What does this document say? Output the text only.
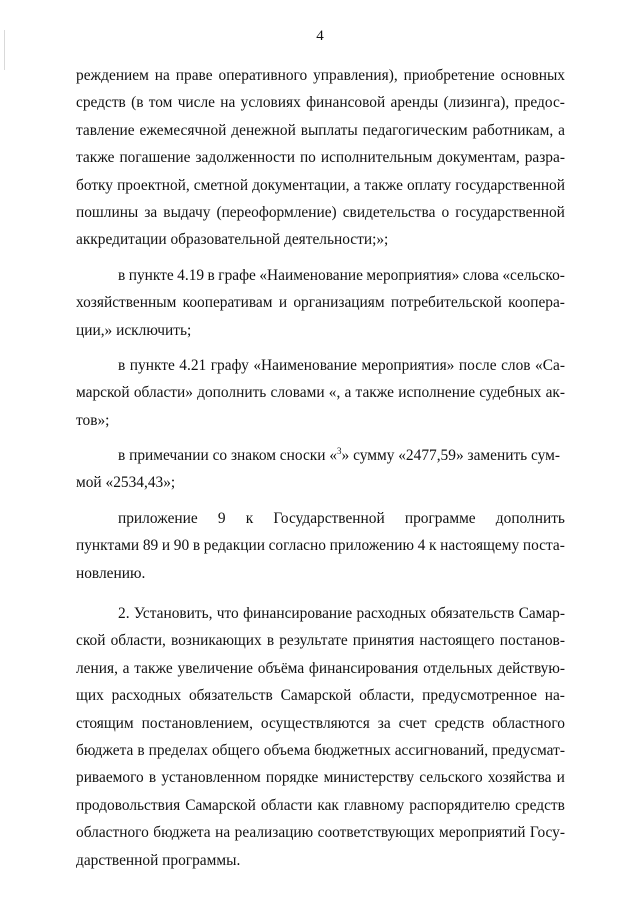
4
реждением на праве оперативного управления), приобретение основных
средств (в том числе на условиях финансовой аренды (лизинга), предос-
тавление ежемесячной денежной выплаты педагогическим работникам, а
также погашение задолженности по исполнительным документам, разра-
ботку проектной, сметной документации, а также оплату государственной
пошлины за выдачу (переоформление) свидетельства о государственной
аккредитации образовательной деятельности;»;
в пункте 4.19 в графе «Наименование мероприятия» слова «сельско-
хозяйственным кооперативам и организациям потребительской коопера-
ции,» исключить;
в пункте 4.21 графу «Наименование мероприятия» после слов «Са-
марской области» дополнить словами «, а также исполнение судебных ак-
тов»;
в примечании со знаком сноски «$^3$» сумму «2477,59» заменить сум-
мой «2534,43»;
приложение 9 к Государственной программе дополнить
пунктами 89 и 90 в редакции согласно приложению 4 к настоящему поста-
новлению.
2. Установить, что финансирование расходных обязательств Самар-
ской области, возникающих в результате принятия настоящего постанов-
ления, а также увеличение объёма финансирования отдельных действую-
щих расходных обязательств Самарской области, предусмотренное на-
стоящим постановлением, осуществляются за счет средств областного
бюджета в пределах общего объема бюджетных ассигнований, предусмат-
риваемого в установленном порядке министерству сельского хозяйства и
продовольствия Самарской области как главному распорядителю средств
областного бюджета на реализацию соответствующих мероприятий Госу-
дарственной программы.
